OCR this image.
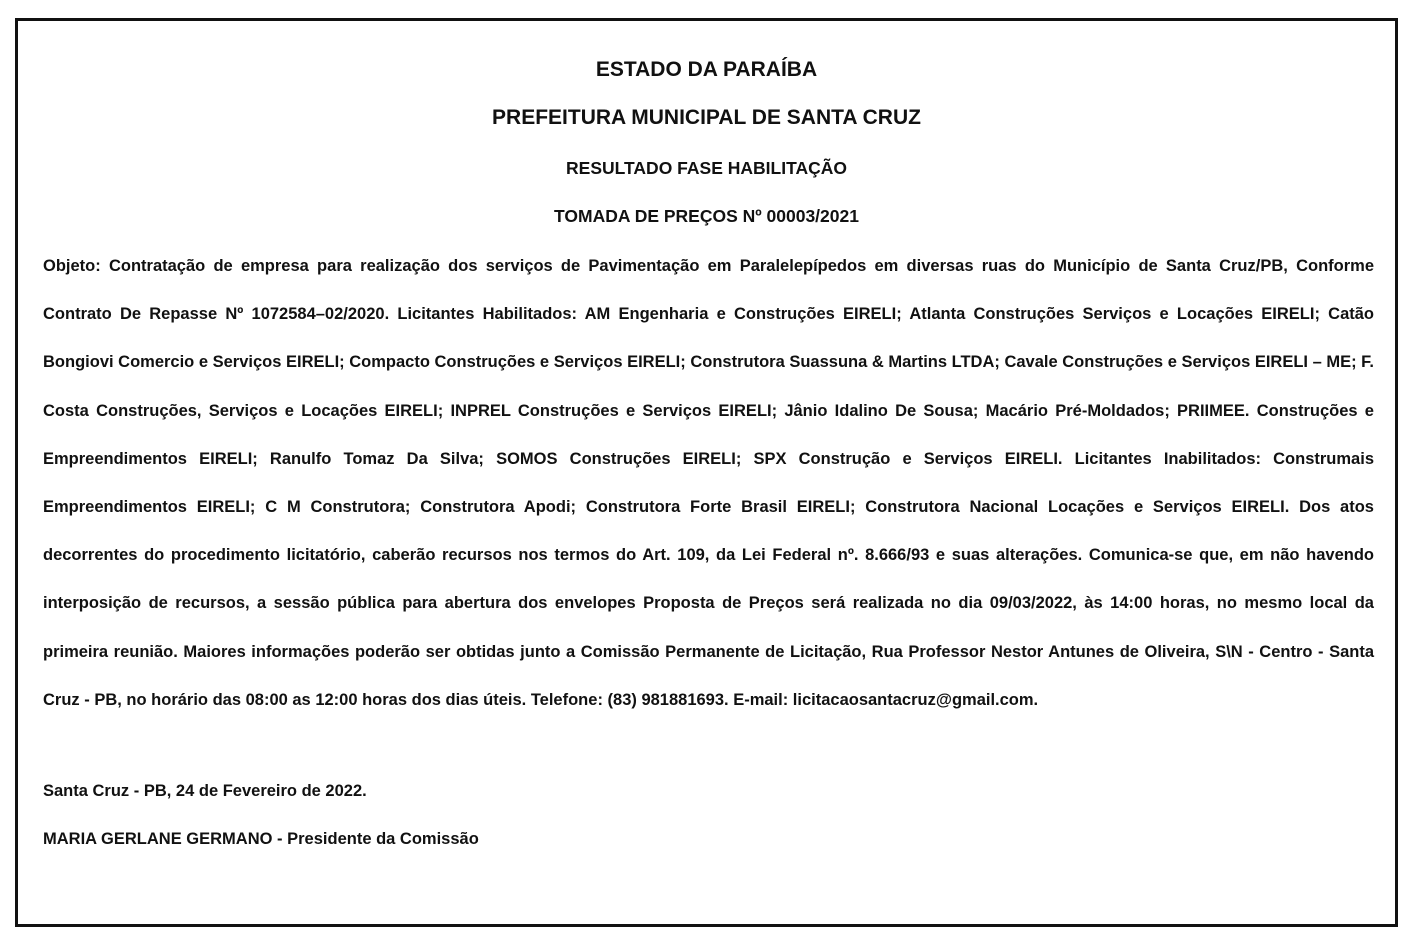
ESTADO DA PARAÍBA
PREFEITURA MUNICIPAL DE SANTA CRUZ
RESULTADO FASE HABILITAÇÃO
TOMADA DE PREÇOS Nº 00003/2021

Objeto: Contratação de empresa para realização dos serviços de Pavimentação em Paralelepípedos em diversas ruas do Município de Santa Cruz/PB, Conforme Contrato De Repasse Nº 1072584–02/2020. Licitantes Habilitados: AM Engenharia e Construções EIRELI; Atlanta Construções Serviços e Locações EIRELI; Catão Bongiovi Comercio e Serviços EIRELI; Compacto Construções e Serviços EIRELI; Construtora Suassuna & Martins LTDA; Cavale Construções e Serviços EIRELI – ME; F. Costa Construções, Serviços e Locações EIRELI; INPREL Construções e Serviços EIRELI; Jânio Idalino De Sousa; Macário Pré-Moldados; PRIIMEE. Construções e Empreendimentos EIRELI; Ranulfo Tomaz Da Silva; SOMOS Construções EIRELI; SPX Construção e Serviços EIRELI. Licitantes Inabilitados: Construmais Empreendimentos EIRELI; C M Construtora; Construtora Apodi; Construtora Forte Brasil EIRELI; Construtora Nacional Locações e Serviços EIRELI. Dos atos decorrentes do procedimento licitatório, caberão recursos nos termos do Art. 109, da Lei Federal nº. 8.666/93 e suas alterações. Comunica-se que, em não havendo interposição de recursos, a sessão pública para abertura dos envelopes Proposta de Preços será realizada no dia 09/03/2022, às 14:00 horas, no mesmo local da primeira reunião. Maiores informações poderão ser obtidas junto a Comissão Permanente de Licitação, Rua Professor Nestor Antunes de Oliveira, S\N - Centro - Santa Cruz - PB, no horário das 08:00 as 12:00 horas dos dias úteis. Telefone: (83) 981881693. E-mail: licitacaosantacruz@gmail.com.

Santa Cruz - PB, 24 de Fevereiro de 2022.
MARIA GERLANE GERMANO - Presidente da Comissão
